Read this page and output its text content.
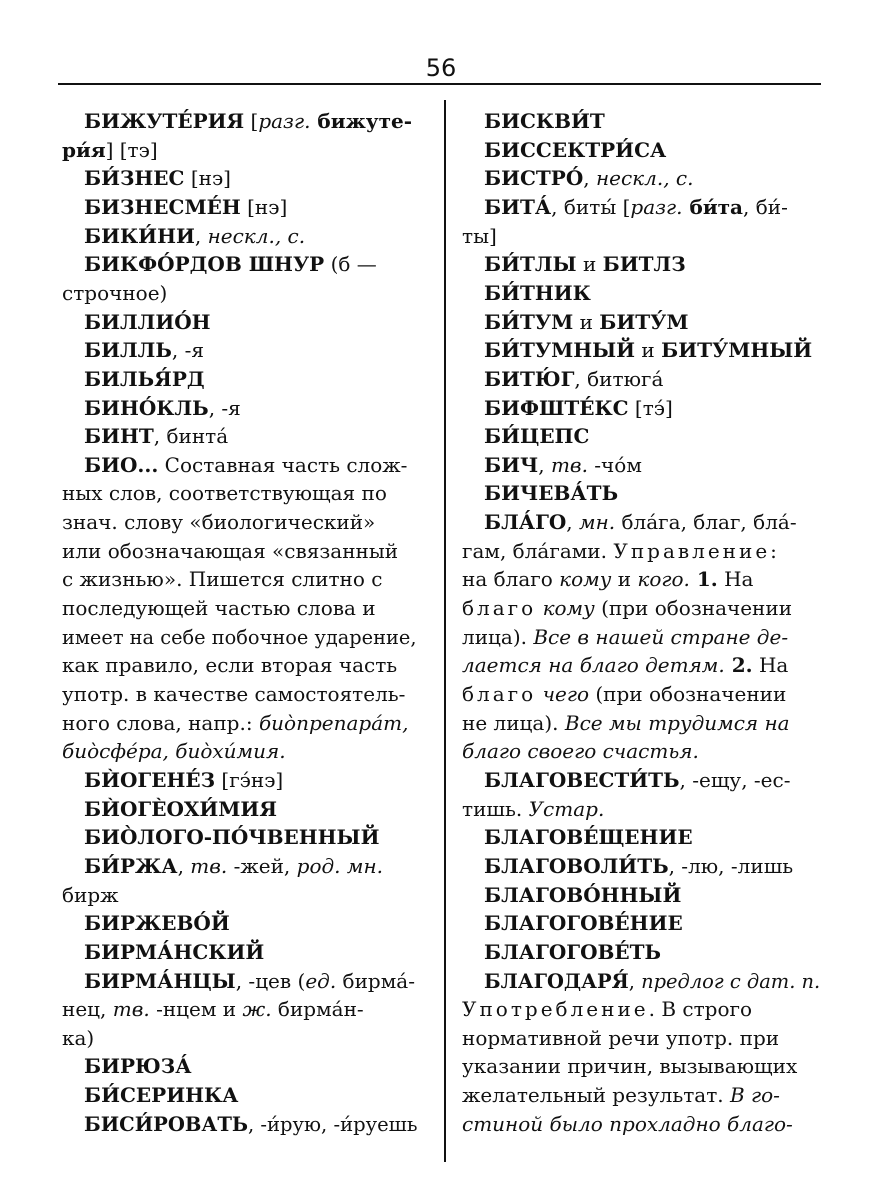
56
БИЖУТЕ́РИЯ [разг. бижуте-
ри́я] [тэ]
БИ́ЗНЕС [нэ]
БИЗНЕСМЕ́Н [нэ]
БИКИ́НИ, нескл., с.
БИКФО́РДОВ ШНУР (б —
строчное)
БИЛЛИО́Н
БИЛЛЬ, -я
БИЛЬЯ́РД
БИНО́КЛЬ, -я
БИНТ, бинта́
БИО... Составная часть слож-
ных слов, соответствующая по
знач. слову «биологический»
или обозначающая «связанный
с жизнью». Пишется слитно с
последующей частью слова и
имеет на себе побочное ударение,
как правило, если вторая часть
употр. в качестве самостоятель-
ного слова, напр.: био̀препара́т,
био̀сфе́ра, био̀хи́мия.
БЍОГЕНЕ́З [гэ́нэ]
БЍОГЀОХИ́МИЯ
БИО̀ЛОГО-ПО́ЧВЕННЫЙ
БИ́РЖА, тв. -жей, род. мн.
бирж
БИРЖЕВО́Й
БИРМА́НСКИЙ
БИРМА́НЦЫ, -цев (ед. бирма́-
нец, тв. -нцем и ж. бирма́н-
ка)
БИРЮЗА́
БИ́СЕРИНКА
БИСИ́РОВАТЬ, -и́рую, -и́руешь
БИСКВИ́Т
БИССЕКТРИ́СА
БИСТРО́, нескл., с.
БИТА́, биты́ [разг. би́та, би́-
ты]
БИ́ТЛЫ и БИТЛЗ
БИ́ТНИК
БИ́ТУМ и БИТУ́М
БИ́ТУМНЫЙ и БИТУ́МНЫЙ
БИТЮ́Г, битюга́
БИФШТЕ́КС [тэ́]
БИ́ЦЕПС
БИЧ, тв. -чо́м
БИЧЕВА́ТЬ
БЛА́ГО, мн. бла́га, благ, бла́-
гам, бла́гами. Управление:
на благо кому и кого. 1. На
благо кому (при обозначении
лица). Все в нашей стране де-
лается на благо детям. 2. На
благо чего (при обозначении
не лица). Все мы трудимся на
благо своего счастья.
БЛАГОВЕСТИ́ТЬ, -ещу, -ес-
тишь. Устар.
БЛАГОВЕ́ЩЕНИЕ
БЛАГОВОЛИ́ТЬ, -лю, -лишь
БЛАГОВО́ННЫЙ
БЛАГОГОВЕ́НИЕ
БЛАГОГОВЕ́ТЬ
БЛАГОДАРЯ́, предлог с дат. п.
Употребление. В строго
нормативной речи употр. при
указании причин, вызывающих
желательный результат. В го-
стиной было прохладно благо-
